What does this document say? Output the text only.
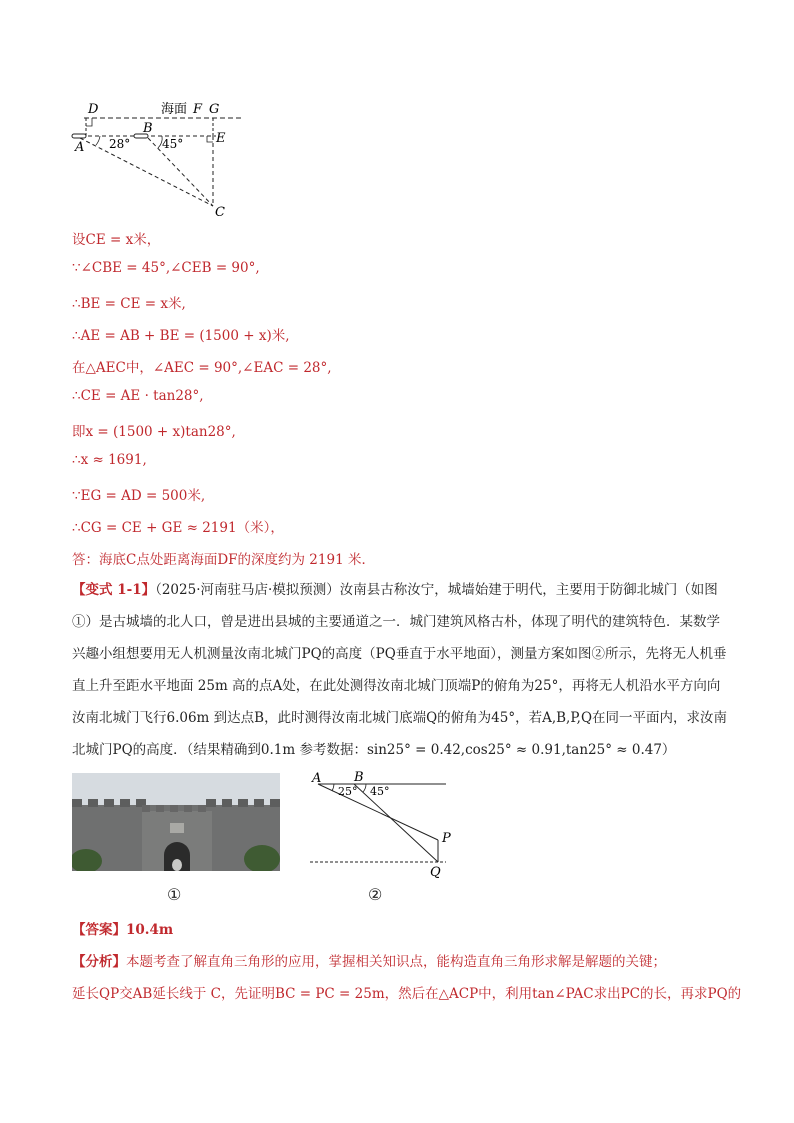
D	海面 F G
B
E
A 28°	45°
C
设CE = x米，
∵∠CBE = 45°,∠CEB = 90°,
∴BE = CE = x米,
∴AE = AB + BE = (1500 + x)米,
在△AEC中，∠AEC = 90°,∠EAC = 28°,
∴CE = AE · tan28°,
即x = (1500 + x)tan28°,
∴x ≈ 1691,
∵EG = AD = 500米,
∴CG = CE + GE ≈ 2191（米），
答：海底C点处距离海面DF的深度约为 2191 米．
【变式 1-1】（2025·河南驻马店·模拟预测）汝南县古称汝宁，城墙始建于明代，主要用于防御北城门（如图①）是古城墙的北人口，曾是进出县城的主要通道之一．城门建筑风格古朴，体现了明代的建筑特色．某数学兴趣小组想要用无人机测量汝南北城门PQ的高度（PQ垂直于水平地面），测量方案如图②所示，先将无人机垂直上升至距水平地面 25m 高的点A处，在此处测得汝南北城门顶端P的俯角为25°，再将无人机沿水平方向向汝南北城门飞行6.06m 到达点B，此时测得汝南北城门底端Q的俯角为45°，若A,B,P,Q在同一平面内，求汝南北城门PQ的高度．（结果精确到0.1m 参考数据：sin25° = 0.42,cos25° ≈ 0.91,tan25° ≈ 0.47）
①
A	B
25° 45°
P
Q
②
【答案】10.4m
【分析】本题考查了解直角三角形的应用，掌握相关知识点，能构造直角三角形求解是解题的关键；
延长QP交AB延长线于 C，先证明BC = PC = 25m，然后在△ACP中，利用tan∠PAC求出PC的长，再求PQ的
